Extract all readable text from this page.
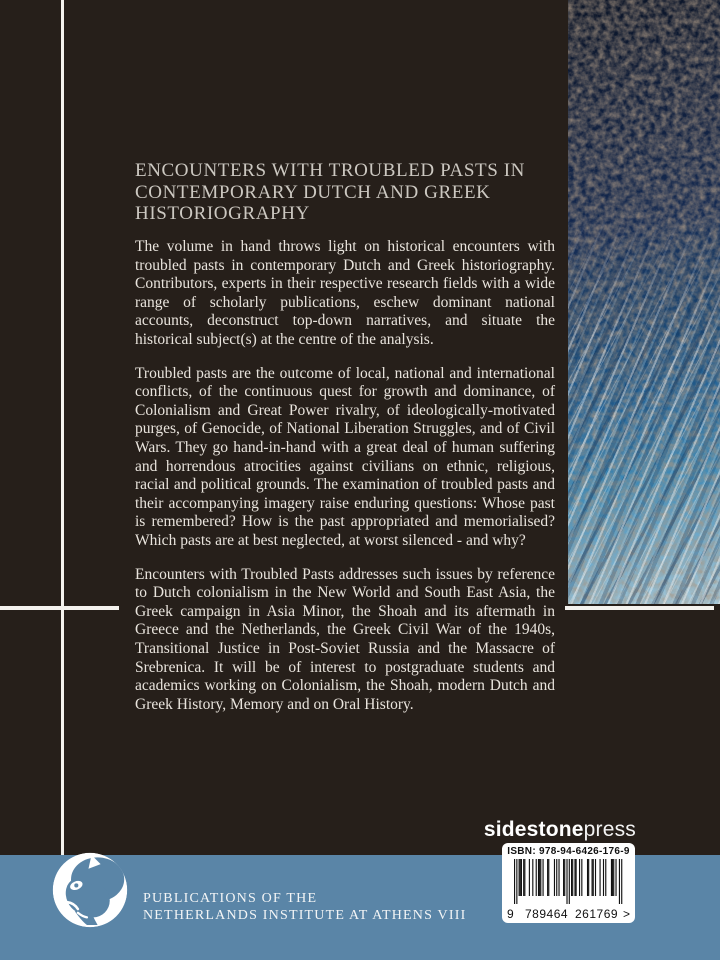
ENCOUNTERS WITH TROUBLED PASTS IN CONTEMPORARY DUTCH AND GREEK HISTORIOGRAPHY

The volume in hand throws light on historical encounters with troubled pasts in contemporary Dutch and Greek historiography. Contributors, experts in their respective research fields with a wide range of scholarly publications, eschew dominant national accounts, deconstruct top-down narratives, and situate the historical subject(s) at the centre of the analysis.

Troubled pasts are the outcome of local, national and international conflicts, of the continuous quest for growth and dominance, of Colonialism and Great Power rivalry, of ideologically-motivated purges, of Genocide, of National Liberation Struggles, and of Civil Wars. They go hand-in-hand with a great deal of human suffering and horrendous atrocities against civilians on ethnic, religious, racial and political grounds. The examination of troubled pasts and their accompanying imagery raise enduring questions: Whose past is remembered? How is the past appropriated and memorialised? Which pasts are at best neglected, at worst silenced - and why?

Encounters with Troubled Pasts addresses such issues by reference to Dutch colonialism in the New World and South East Asia, the Greek campaign in Asia Minor, the Shoah and its aftermath in Greece and the Netherlands, the Greek Civil War of the 1940s, Transitional Justice in Post-Soviet Russia and the Massacre of Srebrenica. It will be of interest to postgraduate students and academics working on Colonialism, the Shoah, modern Dutch and Greek History, Memory and on Oral History.

sidestonepress
ISBN: 978-94-6426-176-9
9 789464 261769 >
PUBLICATIONS OF THE
NETHERLANDS INSTITUTE AT ATHENS VIII
